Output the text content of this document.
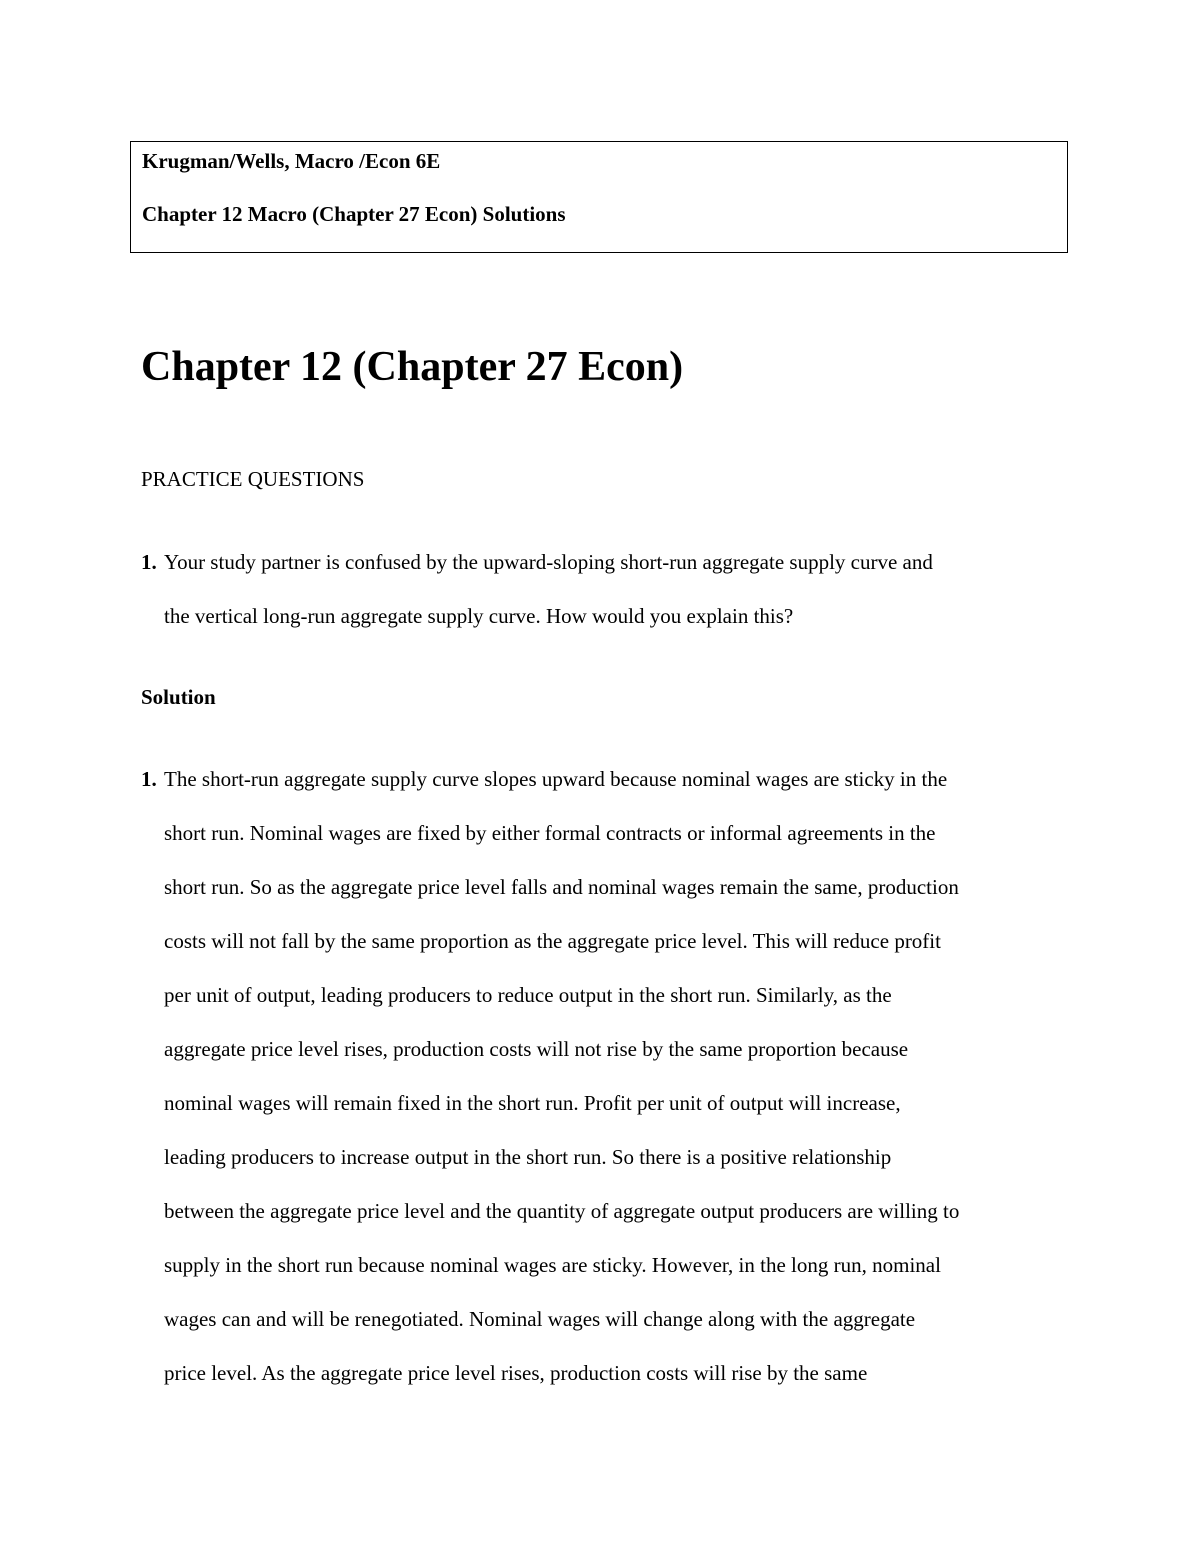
Krugman/Wells, Macro /Econ 6E
Chapter 12 Macro (Chapter 27 Econ) Solutions
Chapter 12 (Chapter 27 Econ)
PRACTICE QUESTIONS
1. Your study partner is confused by the upward-sloping short-run aggregate supply curve and
the vertical long-run aggregate supply curve. How would you explain this?
Solution
1. The short-run aggregate supply curve slopes upward because nominal wages are sticky in the
short run. Nominal wages are fixed by either formal contracts or informal agreements in the
short run. So as the aggregate price level falls and nominal wages remain the same, production
costs will not fall by the same proportion as the aggregate price level. This will reduce profit
per unit of output, leading producers to reduce output in the short run. Similarly, as the
aggregate price level rises, production costs will not rise by the same proportion because
nominal wages will remain fixed in the short run. Profit per unit of output will increase,
leading producers to increase output in the short run. So there is a positive relationship
between the aggregate price level and the quantity of aggregate output producers are willing to
supply in the short run because nominal wages are sticky. However, in the long run, nominal
wages can and will be renegotiated. Nominal wages will change along with the aggregate
price level. As the aggregate price level rises, production costs will rise by the same
